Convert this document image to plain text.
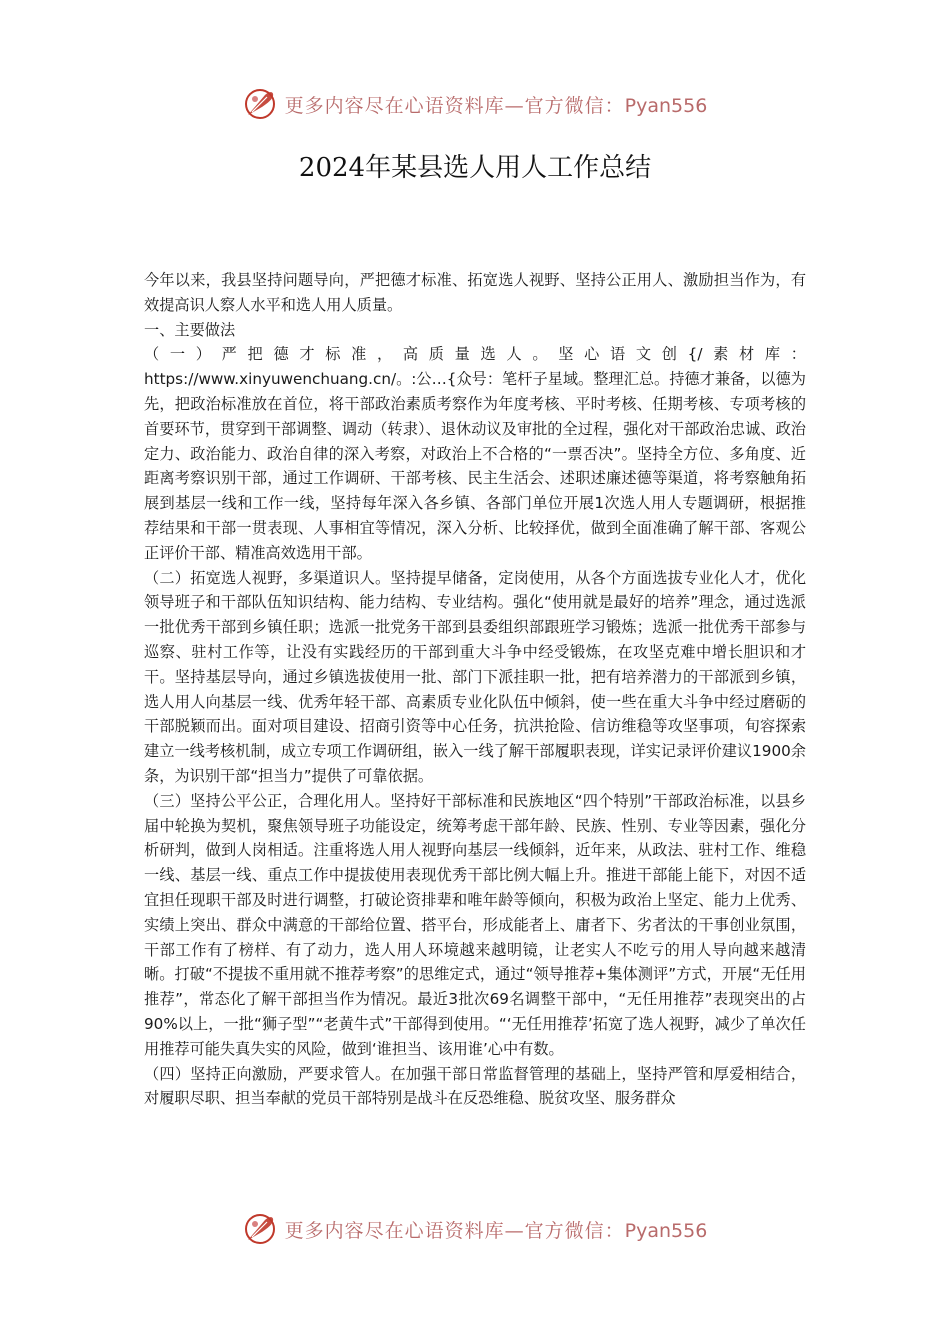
更多内容尽在心语资料库—官方微信：Pyan556
2024年某县选人用人工作总结

今年以来，我县坚持问题导向，严把德才标准、拓宽选人视野、坚持公正用人、激励担当作为，有效提高识人察人水平和选人用人质量。

一、主要做法

（一）严把德才标准，高质量选人。坚心语文创{/素材库：https://www.xinyuwenchuang.cn/。:公…{众号：笔杆子星域。整理汇总。持德才兼备，以德为先，把政治标准放在首位，将干部政治素质考察作为年度考核、平时考核、任期考核、专项考核的首要环节，贯穿到干部调整、调动（转隶）、退休动议及审批的全过程，强化对干部政治忠诚、政治定力、政治能力、政治自律的深入考察，对政治上不合格的“一票否决”。坚持全方位、多角度、近距离考察识别干部，通过工作调研、干部考核、民主生活会、述职述廉述德等渠道，将考察触角拓展到基层一线和工作一线，坚持每年深入各乡镇、各部门单位开展1次选人用人专题调研，根据推荐结果和干部一贯表现、人事相宜等情况，深入分析、比较择优，做到全面准确了解干部、客观公正评价干部、精准高效选用干部。

（二）拓宽选人视野，多渠道识人。坚持提早储备，定岗使用，从各个方面选拔专业化人才，优化领导班子和干部队伍知识结构、能力结构、专业结构。强化“使用就是最好的培养”理念，通过选派一批优秀干部到乡镇任职；选派一批党务干部到县委组织部跟班学习锻炼；选派一批优秀干部参与巡察、驻村工作等，让没有实践经历的干部到重大斗争中经受锻炼，在攻坚克难中增长胆识和才干。坚持基层导向，通过乡镇选拔使用一批、部门下派挂职一批，把有培养潜力的干部派到乡镇，选人用人向基层一线、优秀年轻干部、高素质专业化队伍中倾斜，使一些在重大斗争中经过磨砺的干部脱颖而出。面对项目建设、招商引资等中心任务，抗洪抢险、信访维稳等攻坚事项，旬容探索建立一线考核机制，成立专项工作调研组，嵌入一线了解干部履职表现，详实记录评价建议1900余条，为识别干部“担当力”提供了可靠依据。

（三）坚持公平公正，合理化用人。坚持好干部标准和民族地区“四个特别”干部政治标准，以县乡届中轮换为契机，聚焦领导班子功能设定，统筹考虑干部年龄、民族、性别、专业等因素，强化分析研判，做到人岗相适。注重将选人用人视野向基层一线倾斜，近年来，从政法、驻村工作、维稳一线、基层一线、重点工作中提拔使用表现优秀干部比例大幅上升。推进干部能上能下，对因不适宜担任现职干部及时进行调整，打破论资排辈和唯年龄等倾向，积极为政治上坚定、能力上优秀、实绩上突出、群众中满意的干部给位置、搭平台，形成能者上、庸者下、劣者汰的干事创业氛围，干部工作有了榜样、有了动力，选人用人环境越来越明镜，让老实人不吃亏的用人导向越来越清晰。打破“不提拔不重用就不推荐考察”的思维定式，通过“领导推荐+集体测评”方式，开展“无任用推荐”，常态化了解干部担当作为情况。最近3批次69名调整干部中，“无任用推荐”表现突出的占90%以上，一批“狮子型”“老黄牛式”干部得到使用。“‘无任用推荐’拓宽了选人视野，减少了单次任用推荐可能失真失实的风险，做到‘谁担当、该用谁’心中有数。

（四）坚持正向激励，严要求管人。在加强干部日常监督管理的基础上，坚持严管和厚爱相结合，对履职尽职、担当奉献的党员干部特别是战斗在反恐维稳、脱贫攻坚、服务群众

更多内容尽在心语资料库—官方微信：Pyan556
